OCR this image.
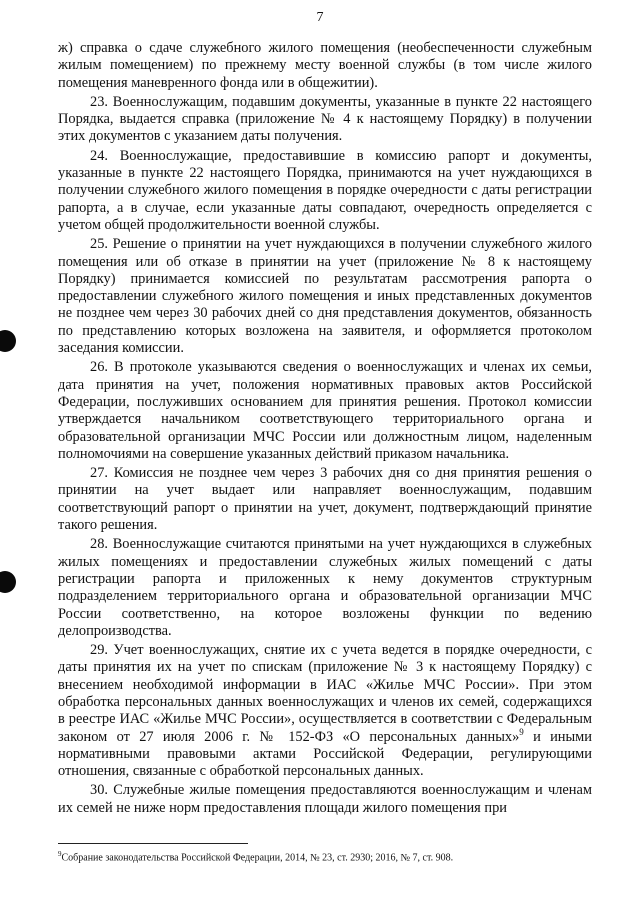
7

ж) справка о сдаче служебного жилого помещения (необеспеченности служебным жилым помещением) по прежнему месту военной службы (в том числе жилого помещения маневренного фонда или в общежитии).

23. Военнослужащим, подавшим документы, указанные в пункте 22 настоящего Порядка, выдается справка (приложение № 4 к настоящему Порядку) в получении этих документов с указанием даты получения.

24. Военнослужащие, предоставившие в комиссию рапорт и документы, указанные в пункте 22 настоящего Порядка, принимаются на учет нуждающихся в получении служебного жилого помещения в порядке очередности с даты регистрации рапорта, а в случае, если указанные даты совпадают, очередность определяется с учетом общей продолжительности военной службы.

25. Решение о принятии на учет нуждающихся в получении служебного жилого помещения или об отказе в принятии на учет (приложение № 8 к настоящему Порядку) принимается комиссией по результатам рассмотрения рапорта о предоставлении служебного жилого помещения и иных представленных документов не позднее чем через 30 рабочих дней со дня представления документов, обязанность по представлению которых возложена на заявителя, и оформляется протоколом заседания комиссии.

26. В протоколе указываются сведения о военнослужащих и членах их семьи, дата принятия на учет, положения нормативных правовых актов Российской Федерации, послуживших основанием для принятия решения. Протокол комиссии утверждается начальником соответствующего территориального органа и образовательной организации МЧС России или должностным лицом, наделенным полномочиями на совершение указанных действий приказом начальника.

27. Комиссия не позднее чем через 3 рабочих дня со дня принятия решения о принятии на учет выдает или направляет военнослужащим, подавшим соответствующий рапорт о принятии на учет, документ, подтверждающий принятие такого решения.

28. Военнослужащие считаются принятыми на учет нуждающихся в служебных жилых помещениях и предоставлении служебных жилых помещений с даты регистрации рапорта и приложенных к нему документов структурным подразделением территориального органа и образовательной организации МЧС России соответственно, на которое возложены функции по ведению делопроизводства.

29. Учет военнослужащих, снятие их с учета ведется в порядке очередности, с даты принятия их на учет по спискам (приложение № 3 к настоящему Порядку) с внесением необходимой информации в ИАС «Жилье МЧС России». При этом обработка персональных данных военнослужащих и членов их семей, содержащихся в реестре ИАС «Жилье МЧС России», осуществляется в соответствии с Федеральным законом от 27 июля 2006 г. № 152-ФЗ «О персональных данных»$^9$ и иными нормативными правовыми актами Российской Федерации, регулирующими отношения, связанные с обработкой персональных данных.

30. Служебные жилые помещения предоставляются военнослужащим и членам их семей не ниже норм предоставления площади жилого помещения при

$^9$Собрание законодательства Российской Федерации, 2014, № 23, ст. 2930; 2016, № 7, ст. 908.
